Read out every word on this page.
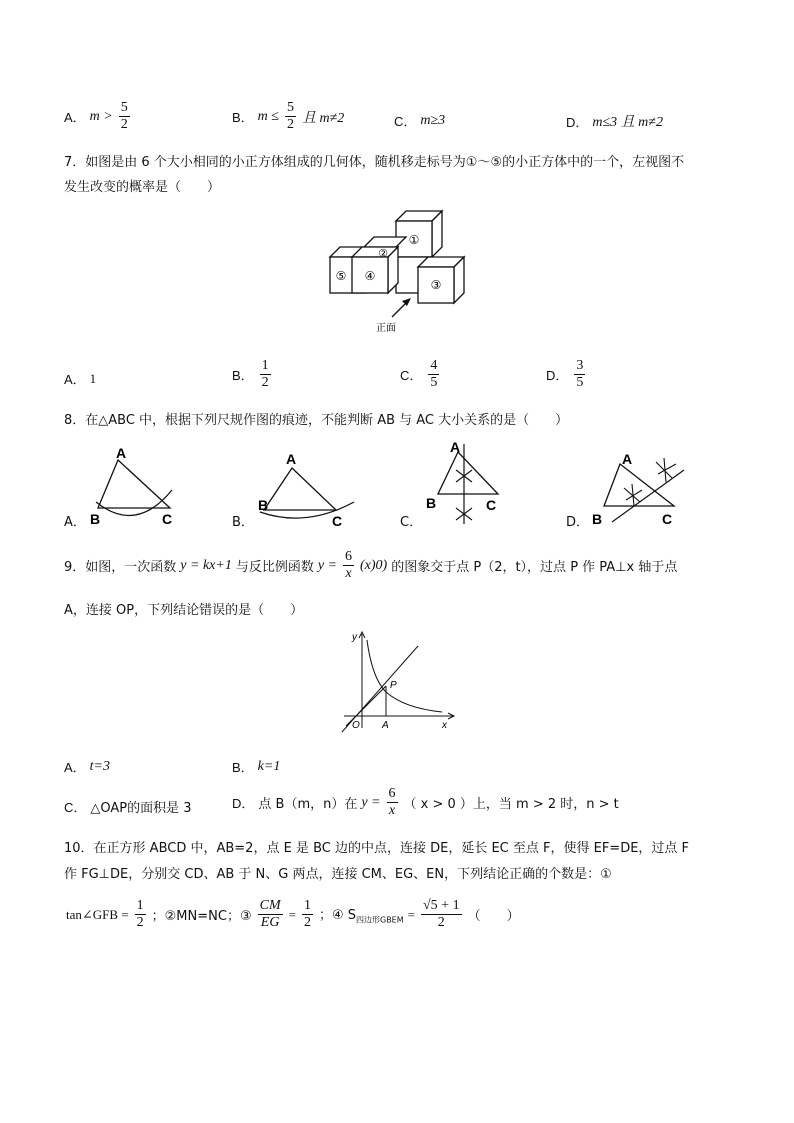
A． $m > \frac{5}{2}$	B． $m \le \frac{5}{2}$ 且 m≠2	C． m≥3	D． m≤3 且 m≠2
7．如图是由 6 个大小相同的小正方体组成的几何体，随机移走标号为①～⑤的小正方体中的一个，左视图不
发生改变的概率是（　　）
①
②
③
④
⑤
正面
A． 1	B． $\frac{1}{2}$	C． $\frac{4}{5}$	D． $\frac{3}{5}$
8．在△ABC 中，根据下列尺规作图的痕迹，不能判断 AB 与 AC 大小关系的是（　　）
A．
A
B	C	B．
A
B
C	C．
A
B	C
D．
A
B	C
9．如图，一次函数 y = kx+1 与反比例函数 $y = \frac{6}{x} (x)0$) 的图象交于点 P（2，t），过点 P 作 PA⊥x 轴于点
A，连接 OP，下列结论错误的是（　　）
y
x
O A
P
A． t=3	B． k=1
C． △OAP的面积是 3	D． 点 B（m，n）在 $y = \frac{6}{x}$ （ x > 0 ）上，当 m > 2 时，n > t
10．在正方形 ABCD 中，AB=2，点 E 是 BC 边的中点，连接 DE，延长 EC 至点 F，使得 EF=DE，过点 F
作 FG⊥DE，分别交 CD、AB 于 N、G 两点，连接 CM、EG、EN，下列结论正确的个数是：①
tan∠GFB = $\frac{1}{2}$ ；②MN=NC；③ $\frac{CM}{EG} = \frac{1}{2}$ ；④ $S_{四边形GBEM} = \frac{√5 + 1}{2}$ （　　）
